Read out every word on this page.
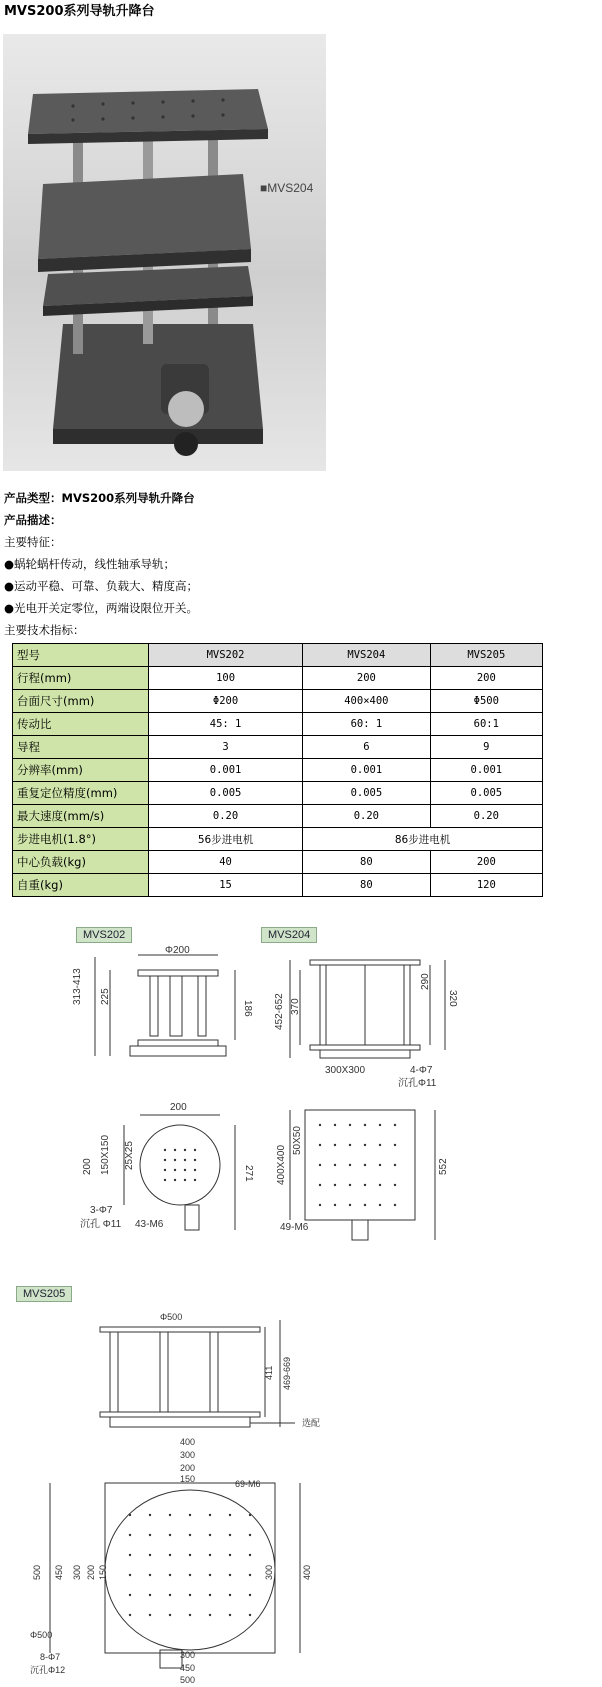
MVS200系列导轨升降台
■MVS204
产品类型：MVS200系列导轨升降台
产品描述：
主要特征：
●蜗轮蜗杆传动，线性轴承导轨；
●运动平稳、可靠、负载大、精度高；
●光电开关定零位，两端设限位开关。
主要技术指标：
型号	MVS202	MVS204	MVS205
行程(mm)	100	200	200
台面尺寸(mm)	Φ200	400×400	Φ500
传动比	45: 1	60: 1	60:1
导程	3	6	9
分辨率(mm)	0.001	0.001	0.001
重复定位精度(mm)	0.005	0.005	0.005
最大速度(mm/s)	0.20	0.20	0.20
步进电机(1.8°)	56步进电机	86步进电机	
中心负载(kg)	40	80	200
自重(kg)	15	80	120
MVS202
Φ200
313-413 225
186
200
150X150 25X25
200	271
3-Φ7
沉孔 Φ11 43-M6
MVS204
452-652 370
290
320
300X300	4-Φ7
沉孔Φ11
400X400
50X50
552
49-M6
MVS205
Φ500
411 469-669
选配
400
300
200
150	69-M6
500 450 300 200 150	300	400
Φ500
8-Φ7
沉孔Φ12
300
450
500
